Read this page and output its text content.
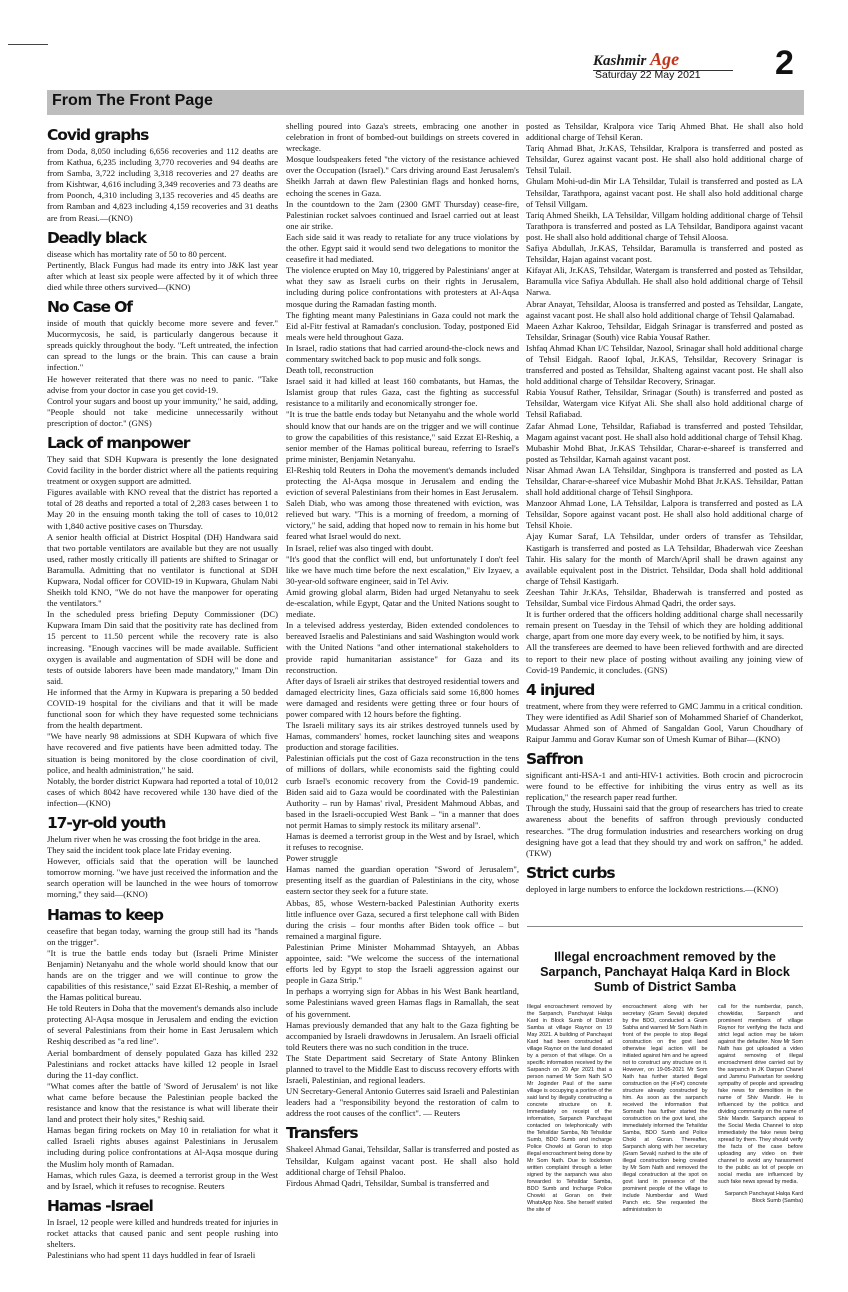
Kashmir Age
Saturday 22 May 2021 2
From The Front Page
Covid graphs

from Doda, 8,050 including 6,656 recoveries and 112 deaths are from Kathua, 6,235 including 3,770 recoveries and 94 deaths are from Samba, 3,722 including 3,318 recoveries and 27 deaths are from Kishtwar, 4,616 including 3,349 recoveries and 73 deaths are from Poonch, 4,310 including 3,135 recoveries and 45 deaths are from Ramban and 4,823 including 4,159 recoveries and 31 deaths are from Reasi.—(KNO)

Deadly black

disease which has mortality rate of 50 to 80 percent.

Pertinently, Black Fungus had made its entry into J&K last year after which at least six people were affected by it of which three died while three others survived—(KNO)

No Case Of

inside of mouth that quickly become more severe and fever." Mucormycosis, he said, is particularly dangerous because it spreads quickly throughout the body. "Left untreated, the infection can spread to the lungs or the brain. This can cause a brain infection."

He however reiterated that there was no need to panic. "Take advise from your doctor in case you get covid-19.

Control your sugars and boost up your immunity," he said, adding, "People should not take medicine unnecessarily without prescription of doctor." (GNS)

Lack of manpower

They said that SDH Kupwara is presently the lone designated Covid facility in the border district where all the patients requiring treatment or oxygen support are admitted.

Figures available with KNO reveal that the district has reported a total of 28 deaths and reported a total of 2,283 cases between 1 to May 20 in the ensuing month taking the toll of cases to 10,012 with 1,840 active positive cases on Thursday.

A senior health official at District Hospital (DH) Handwara said that two portable ventilators are available but they are not usually used, rather mostly critically ill patients are shifted to Srinagar or Baramulla. Admitting that no ventilator is functional at SDH Kupwara, Nodal officer for COVID-19 in Kupwara, Ghulam Nabi Sheikh told KNO, "We do not have the manpower for operating the ventilators."

In the scheduled press briefing Deputy Commissioner (DC) Kupwara Imam Din said that the positivity rate has declined from 15 percent to 11.50 percent while the recovery rate is also increasing. "Enough vaccines will be made available. Sufficient oxygen is available and augmentation of SDH will be done and tests of outside laborers have been made mandatory," Imam Din said.

He informed that the Army in Kupwara is preparing a 50 bedded COVID-19 hospital for the civilians and that it will be made functional soon for which they have requested some technicians from the health department.

"We have nearly 98 admissions at SDH Kupwara of which five have recovered and five patients have been admitted today. The situation is being monitored by the close coordination of civil, police, and health administration," he said.

Notably, the border district Kupwara had reported a total of 10,012 cases of which 8042 have recovered while 130 have died of the infection—(KNO)

17-yr-old youth

Jhelum river when he was crossing the foot bridge in the area.

They said the incident took place late Friday evening.

However, officials said that the operation will be launched tomorrow morning. "we have just received the information and the search operation will be launched in the wee hours of tomorrow morning," they said—(KNO)

Hamas to keep

ceasefire that began today, warning the group still had its "hands on the trigger".

"It is true the battle ends today but (Israeli Prime Minister Benjamin) Netanyahu and the whole world should know that our hands are on the trigger and we will continue to grow the capabilities of this resistance," said Ezzat El-Reshiq, a member of the Hamas political bureau.

He told Reuters in Doha that the movement's demands also include protecting Al-Aqsa mosque in Jerusalem and ending the eviction of several Palestinians from their home in East Jerusalem which Reshiq described as "a red line".

Aerial bombardment of densely populated Gaza has killed 232 Palestinians and rocket attacks have killed 12 people in Israel during the 11-day conflict.

"What comes after the battle of 'Sword of Jerusalem' is not like what came before because the Palestinian people backed the resistance and know that the resistance is what will liberate their land and protect their holy sites," Reshiq said.

Hamas began firing rockets on May 10 in retaliation for what it called Israeli rights abuses against Palestinians in Jerusalem including during police confrontations at Al-Aqsa mosque during the Muslim holy month of Ramadan.

Hamas, which rules Gaza, is deemed a terrorist group in the West and by Israel, which it refuses to recognise. Reuters

Hamas -Israel

In Israel, 12 people were killed and hundreds treated for injuries in rocket attacks that caused panic and sent people rushing into shelters.

Palestinians who had spent 11 days huddled in fear of Israeli

shelling poured into Gaza's streets, embracing one another in celebration in front of bombed-out buildings on streets covered in wreckage.

Mosque loudspeakers feted "the victory of the resistance achieved over the Occupation (Israel)." Cars driving around East Jerusalem's Sheikh Jarrah at dawn flew Palestinian flags and honked horns, echoing the scenes in Gaza.

In the countdown to the 2am (2300 GMT Thursday) cease-fire, Palestinian rocket salvoes continued and Israel carried out at least one air strike.

Each side said it was ready to retaliate for any truce violations by the other. Egypt said it would send two delegations to monitor the ceasefire it had mediated.

The violence erupted on May 10, triggered by Palestinians' anger at what they saw as Israeli curbs on their rights in Jerusalem, including during police confrontations with protesters at Al-Aqsa mosque during the Ramadan fasting month.

The fighting meant many Palestinians in Gaza could not mark the Eid al-Fitr festival at Ramadan's conclusion. Today, postponed Eid meals were held throughout Gaza.

In Israel, radio stations that had carried around-the-clock news and commentary switched back to pop music and folk songs.

Death toll, reconstruction

Israel said it had killed at least 160 combatants, but Hamas, the Islamist group that rules Gaza, cast the fighting as successful resistance to a militarily and economically stronger foe.

"It is true the battle ends today but Netanyahu and the whole world should know that our hands are on the trigger and we will continue to grow the capabilities of this resistance," said Ezzat El-Reshiq, a senior member of the Hamas political bureau, referring to Israel's prime minister, Benjamin Netanyahu.

El-Reshiq told Reuters in Doha the movement's demands included protecting the Al-Aqsa mosque in Jerusalem and ending the eviction of several Palestinians from their homes in East Jerusalem.

Saleh Diab, who was among those threatened with eviction, was relieved but wary. "This is a morning of freedom, a morning of victory," he said, adding that hoped now to remain in his home but feared what Israel would do next.

In Israel, relief was also tinged with doubt.

"It's good that the conflict will end, but unfortunately I don't feel like we have much time before the next escalation," Eiv Izyaev, a 30-year-old software engineer, said in Tel Aviv.

Amid growing global alarm, Biden had urged Netanyahu to seek de-escalation, while Egypt, Qatar and the United Nations sought to mediate.

In a televised address yesterday, Biden extended condolences to bereaved Israelis and Palestinians and said Washington would work with the United Nations "and other international stakeholders to provide rapid humanitarian assistance" for Gaza and its reconstruction.

After days of Israeli air strikes that destroyed residential towers and damaged electricity lines, Gaza officials said some 16,800 homes were damaged and residents were getting three or four hours of power compared with 12 hours before the fighting.

The Israeli military says its air strikes destroyed tunnels used by Hamas, commanders' homes, rocket launching sites and weapons production and storage facilities.

Palestinian officials put the cost of Gaza reconstruction in the tens of millions of dollars, while economists said the fighting could curb Israel's economic recovery from the Covid-19 pandemic. Biden said aid to Gaza would be coordinated with the Palestinian Authority – run by Hamas' rival, President Mahmoud Abbas, and based in the Israeli-occupied West Bank – "in a manner that does not permit Hamas to simply restock its military arsenal".

Hamas is deemed a terrorist group in the West and by Israel, which it refuses to recognise.

Power struggle

Hamas named the guardian operation "Sword of Jerusalem", presenting itself as the guardian of Palestinians in the city, whose eastern sector they seek for a future state.

Abbas, 85, whose Western-backed Palestinian Authority exerts little influence over Gaza, secured a first telephone call with Biden during the crisis – four months after Biden took office – but remained a marginal figure.

Palestinian Prime Minister Mohammad Shtayyeh, an Abbas appointee, said: "We welcome the success of the international efforts led by Egypt to stop the Israeli aggression against our people in Gaza Strip."

In perhaps a worrying sign for Abbas in his West Bank heartland, some Palestinians waved green Hamas flags in Ramallah, the seat of his government.

Hamas previously demanded that any halt to the Gaza fighting be accompanied by Israeli drawdowns in Jerusalem. An Israeli official told Reuters there was no such condition in the truce.

The State Department said Secretary of State Antony Blinken planned to travel to the Middle East to discuss recovery efforts with Israeli, Palestinian, and regional leaders.

UN Secretary-General Antonio Guterres said Israeli and Palestinian leaders had a "responsibility beyond the restoration of calm to address the root causes of the conflict". — Reuters

Transfers

Shakeel Ahmad Ganai, Tehsildar, Sallar is transferred and posted as Tehsildar, Kulgam against vacant post. He shall also hold additional charge of Tehsil Phaloo.

Firdous Ahmad Qadri, Tehsildar, Sumbal is transferred and

posted as Tehsildar, Kralpora vice Tariq Ahmed Bhat. He shall also hold additional charge of Tehsil Keran.

Tariq Ahmad Bhat, Jr.KAS, Tehsildar, Kralpora is transferred and posted as Tehsildar, Gurez against vacant post. He shall also hold additional charge of Tehsil Tulail.

Ghulam Mohi-ud-din Mir LA Tehsildar, Tulail is transferred and posted as LA Tehsildar, Tarathpora, against vacant post. He shall also hold additional charge of Tehsil Villgam.

Tariq Ahmed Sheikh, LA Tehsildar, Villgam holding additional charge of Tehsil Tarathpora is transferred and posted as LA Tehsildar, Bandipora against vacant post. He shall also hold additional charge of Tehsil Aloosa.

Safiya Abdullah, Jr.KAS, Tehsildar, Baramulla is transferred and posted as Tehsildar, Hajan against vacant post.

Kifayat Ali, Jr.KAS, Tehsildar, Watergam is transferred and posted as Tehsildar, Baramulla vice Safiya Abdullah. He shall also hold additional charge of Tehsil Narwa.

Abrar Anayat, Tehsildar, Aloosa is transferred and posted as Tehsildar, Langate, against vacant post. He shall also hold additional charge of Tehsil Qalamabad.

Maeen Azhar Kakroo, Tehsildar, Eidgah Srinagar is transferred and posted as Tehsildar, Srinagar (South) vice Rabia Yousaf Rather.

Ishfaq Ahmad Khan I/C Tehsildar, Nazool, Srinagar shall hold additional charge of Tehsil Eidgah. Raoof Iqbal, Jr.KAS, Tehsildar, Recovery Srinagar is transferred and posted as Tehsildar, Shalteng against vacant post. He shall also hold additional charge of Tehsildar Recovery, Srinagar.

Rabia Yousuf Rather, Tehsildar, Srinagar (South) is transferred and posted as Tehsildar, Watergam vice Kifyat Ali. She shall also hold additional charge of Tehsil Rafiabad.

Zafar Ahmad Lone, Tehsildar, Rafiabad is transferred and posted Tehsildar, Magam against vacant post. He shall also hold additional charge of Tehsil Khag.

Mubashir Mohd Bhat, Jr.KAS Tehsildar, Charar-e-shareef is transferred and posted as Tehsildar, Karnah against vacant post.

Nisar Ahmad Awan LA Tehsildar, Singhpora is transferred and posted as LA Tehsildar, Charar-e-shareef vice Mubashir Mohd Bhat Jr.KAS. Tehsildar, Pattan shall hold additional charge of Tehsil Singhpora.

Manzoor Ahmad Lone, LA Tehsildar, Lalpora is transferred and posted as LA Tehsildar, Sopore against vacant post. He shall also hold additional charge of Tehsil Khoie.

Ajay Kumar Saraf, LA Tehsildar, under orders of transfer as Tehsildar, Kastigarh is transferred and posted as LA Tehsildar, Bhaderwah vice Zeeshan Tahir. His salary for the month of March/April shall be drawn against any available equivalent post in the District. Tehsildar, Doda shall hold additional charge of Tehsil Kastigarh.

Zeeshan Tahir Jr.KAs, Tehsildar, Bhaderwah is transferred and posted as Tehsildar, Sumbal vice Firdous Ahmad Qadri, the order says.

It is further ordered that the officers holding additional charge shall necessarily remain present on Tuesday in the Tehsil of which they are holding additional charge, apart from one more day every week, to be notified by him, it says.

All the transferees are deemed to have been relieved forthwith and are directed to report to their new place of posting without availing any joining view of Covid-19 Pandemic, it concludes. (GNS)

4 injured

treatment, where from they were referred to GMC Jammu in a critical condition.

They were identified as Adil Sharief son of Mohammed Sharief of Chanderkot, Mudassar Ahmed son of Ahmed of Sangaldan Gool, Varun Choudhary of Raipur Jammu and Gorav Kumar son of Umesh Kumar of Bihar—(KNO)

Saffron

significant anti-HSA-1 and anti-HIV-1 activities. Both crocin and picrocrocin were found to be effective for inhibiting the virus entry as well as its replication," the research paper read further.

Through the study, Hussaini said that the group of researchers has tried to create awareness about the benefits of saffron through previously conducted researches. "The drug formulation industries and researchers working on drug designing have got a lead that they should try and work on saffron," he added.(TKW)

Strict curbs

deployed in large numbers to enforce the lockdown restrictions.—(KNO)

Illegal encroachment removed by the Sarpanch, Panchayat Halqa Kard in Block Sumb of District Samba

Illegal encroachment removed by the Sarpanch, Panchayat Halqa Kard in Block Sumb of District Samba at village Raynor on 19 May 2021. A building of Panchayat Kard had been constructed at village Raynor on the land donated by a person of that village. On a specific information received by the Sarpanch on 20 Apr 2021 that a person named Mr Som Nath S/O Mr Joginder Paul of the same village is occupying a portion of the said land by illegally constructing a concrete structure on it. Immediately on receipt of the information, Sarpanch Panchayat contacted on telephonically with the Tehsildar Samba, Nb Tehsildar Sumb, BDO Sumb and incharge Police Chowki at Goran to stop illegal encroachment being done by Mr Som Nath. Due to lockdown written complaint through a letter signed by the sarpanch was also forwarded to Tehsildar Samba, BDO Sumb and Incharge Police Chowki at Goran on their WhatsApp Nos. She herself visited the site of

encroachment along with her secretary (Gram Sevak) deputed by the BDO, conducted a Gram Sabha and warned Mr Som Nath in front of the people to stop illegal construction on the govt land otherwise legal action will be initiated against him and he agreed not to construct any structure on it. However, on 19-05-2021 Mr Som Nath has further started illegal construction on the (4'x4') concrete structure already constructed by him. As soon as the sarpanch received the information that Somnath has further started the construction on the govt land, she immediately informed the Tehsildar Samba, BDO Sumb and Police Choki at Goran. Thereafter, Sarpanch along with her secretary (Gram Sevak) rushed to the site of illegal construction being created by Mr Som Nath and removed the illegal construction at the spot on govt land in presence of the prominent people of the village to include Numberdar and Ward Panch etc. She requested the administration to

call for the numberdar, panch, chowkidar, Sarpanch and prominent members of village Raynor for verifying the facts and strict legal action may be taken against the defaulter. Now Mr Som Nath has got uploaded a video against removing of illegal encroachment drive carried out by the sarpanch in JK Darpan Chanel and Jammu Parivartan for seeking sympathy of people and spreading fake news for demolition in the name of Shiv Mandir. He is influenced by the politics and dividing community on the name of Shiv Mandir. Sarpanch appeal to the Social Media Channel to stop immediately the fake news being spread by them. They should verify the facts of the case before uploading any video on their channel to avoid any harassment to the public as lot of people on social media are influenced by such fake news spread by media.

Sarpanch Panchayat Halqa Kard Block Sumb (Samba)
